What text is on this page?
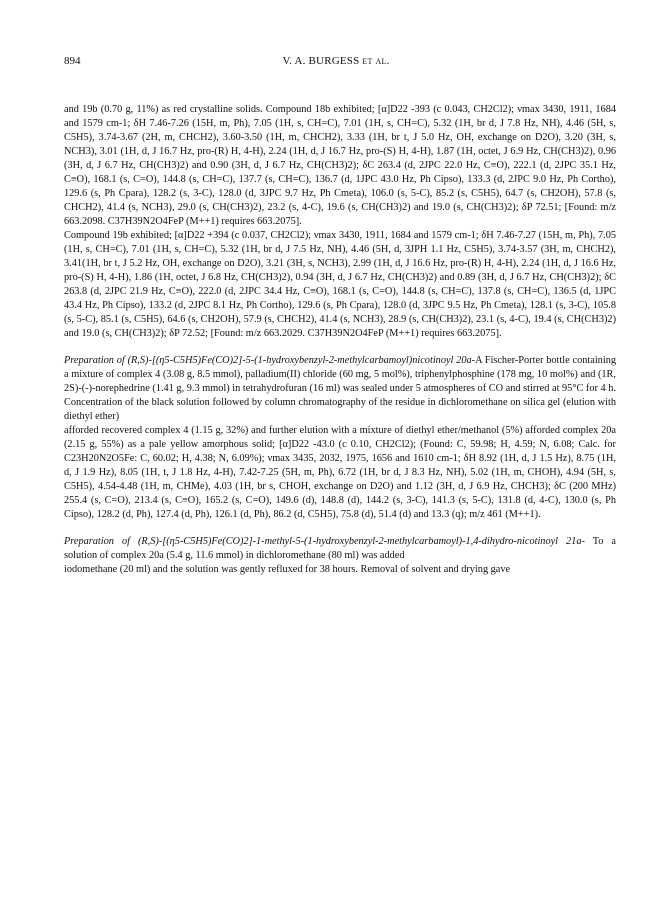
894	V. A. BURGESS et al.

and 19b (0.70 g, 11%) as red crystalline solids. Compound 18b exhibited; [α]D22 -393 (c 0.043, CH2Cl2); νmax 3430, 1911, 1684 and 1579 cm-1; δH 7.46-7.26 (15H, m, Ph), 7.05 (1H, s, CH=C), 7.01 (1H, s, CH=C), 5.32 (1H, br d, J 7.8 Hz, NH), 4.46 (5H, s, C5H5), 3.74-3.67 (2H, m, CHCH2), 3.60-3.50 (1H, m, CHCH2), 3.33 (1H, br t, J 5.0 Hz, OH, exchange on D2O), 3.20 (3H, s, NCH3), 3.01 (1H, d, J 16.7 Hz, pro-(R) H, 4-H), 2.24 (1H, d, J 16.7 Hz, pro-(S) H, 4-H), 1.87 (1H, octet, J 6.9 Hz, CH(CH3)2), 0.96 (3H, d, J 6.7 Hz, CH(CH3)2) and 0.90 (3H, d, J 6.7 Hz, CH(CH3)2); δC 263.4 (d, 2JPC 22.0 Hz, C≡O), 222.1 (d, 2JPC 35.1 Hz, C≡O), 168.1 (s, C=O), 144.8 (s, CH=C), 137.7 (s, CH=C), 136.7 (d, 1JPC 43.0 Hz, Ph Cipso), 133.3 (d, 2JPC 9.0 Hz, Ph Cortho), 129.6 (s, Ph Cpara), 128.2 (s, 3-C), 128.0 (d, 3JPC 9.7 Hz, Ph Cmeta), 106.0 (s, 5-C), 85.2 (s, C5H5), 64.7 (s, CH2OH), 57.8 (s, CHCH2), 41.4 (s, NCH3), 29.0 (s, CH(CH3)2), 23.2 (s, 4-C), 19.6 (s, CH(CH3)2) and 19.0 (s, CH(CH3)2); δP 72.51; [Found: m/z 663.2098. C37H39N2O4FeP (M++1) requires 663.2075].

Compound 19b exhibited; [α]D22 +394 (c 0.037, CH2Cl2); νmax 3430, 1911, 1684 and 1579 cm-1; δH 7.46-7.27 (15H, m, Ph), 7.05 (1H, s, CH=C), 7.01 (1H, s, CH=C), 5.32 (1H, br d, J 7.5 Hz, NH), 4.46 (5H, d, 3JPH 1.1 Hz, C5H5), 3.74-3.57 (3H, m, CHCH2), 3.41(1H, br t, J 5.2 Hz, OH, exchange on D2O), 3.21 (3H, s, NCH3), 2.99 (1H, d, J 16.6 Hz, pro-(R) H, 4-H), 2.24 (1H, d, J 16.6 Hz, pro-(S) H, 4-H), 1.86 (1H, octet, J 6.8 Hz, CH(CH3)2), 0.94 (3H, d, J 6.7 Hz, CH(CH3)2) and 0.89 (3H, d, J 6.7 Hz, CH(CH3)2); δC 263.8 (d, 2JPC 21.9 Hz, C≡O), 222.0 (d, 2JPC 34.4 Hz, C≡O), 168.1 (s, C=O), 144.8 (s, CH=C), 137.8 (s, CH=C), 136.5 (d, 1JPC 43.4 Hz, Ph Cipso), 133.2 (d, 2JPC 8.1 Hz, Ph Cortho), 129.6 (s, Ph Cpara), 128.0 (d, 3JPC 9.5 Hz, Ph Cmeta), 128.1 (s, 3-C), 105.8 (s, 5-C), 85.1 (s, C5H5), 64.6 (s, CH2OH), 57.9 (s, CHCH2), 41.4 (s, NCH3), 28.9 (s, CH(CH3)2), 23.1 (s, 4-C), 19.4 (s, CH(CH3)2) and 19.0 (s, CH(CH3)2); δP 72.52; [Found: m/z 663.2029. C37H39N2O4FeP (M++1) requires 663.2075].

Preparation of (R,S)-[(η5-C5H5)Fe(CO)2]-5-(1-hydroxybenzyl-2-methylcarbamoyl)nicotinoyl 20a-A Fischer-Porter bottle containing a mixture of complex 4 (3.08 g, 8.5 mmol), palladium(II) chloride (60 mg, 5 mol%), triphenylphosphine (178 mg, 10 mol%) and (1R, 2S)-(-)-norephedrine (1.41 g, 9.3 mmol) in tetrahydrofuran (16 ml) was sealed under 5 atmospheres of CO and stirred at 95°C for 4 h. Concentration of the black solution followed by column chromatography of the residue in dichloromethane on silica gel (elution with diethyl ether)

afforded recovered complex 4 (1.15 g, 32%) and further elution with a mixture of diethyl ether/methanol (5%) afforded complex 20a (2.15 g, 55%) as a pale yellow amorphous solid; [α]D22 -43.0 (c 0.10, CH2Cl2); (Found: C, 59.98; H, 4.59; N, 6.08; Calc. for C23H20N2O5Fe: C, 60.02; H, 4.38; N, 6.09%); νmax 3435, 2032, 1975, 1656 and 1610 cm-1; δH 8.92 (1H, d, J 1.5 Hz), 8.75 (1H, d, J 1.9 Hz), 8.05 (1H, t, J 1.8 Hz, 4-H), 7.42-7.25 (5H, m, Ph), 6.72 (1H, br d, J 8.3 Hz, NH), 5.02 (1H, m, CHOH), 4.94 (5H, s, C5H5), 4.54-4.48 (1H, m, CHMe), 4.03 (1H, br s, CHOH, exchange on D2O) and 1.12 (3H, d, J 6.9 Hz, CHCH3); δC (200 MHz) 255.4 (s, C=O), 213.4 (s, C≡O), 165.2 (s, C=O), 149.6 (d), 148.8 (d), 144.2 (s, 3-C), 141.3 (s, 5-C), 131.8 (d, 4-C), 130.0 (s, Ph Cipso), 128.2 (d, Ph), 127.4 (d, Ph), 126.1 (d, Ph), 86.2 (d, C5H5), 75.8 (d), 51.4 (d) and 13.3 (q); m/z 461 (M++1).

Preparation of (R,S)-[(η5-C5H5)Fe(CO)2]-1-methyl-5-(1-hydroxybenzyl-2-methylcarbamoyl)-1,4-dihydro-nicotinoyl 21a- To a solution of complex 20a (5.4 g, 11.6 mmol) in dichloromethane (80 ml) was added

iodomethane (20 ml) and the solution was gently refluxed for 38 hours. Removal of solvent and drying gave
